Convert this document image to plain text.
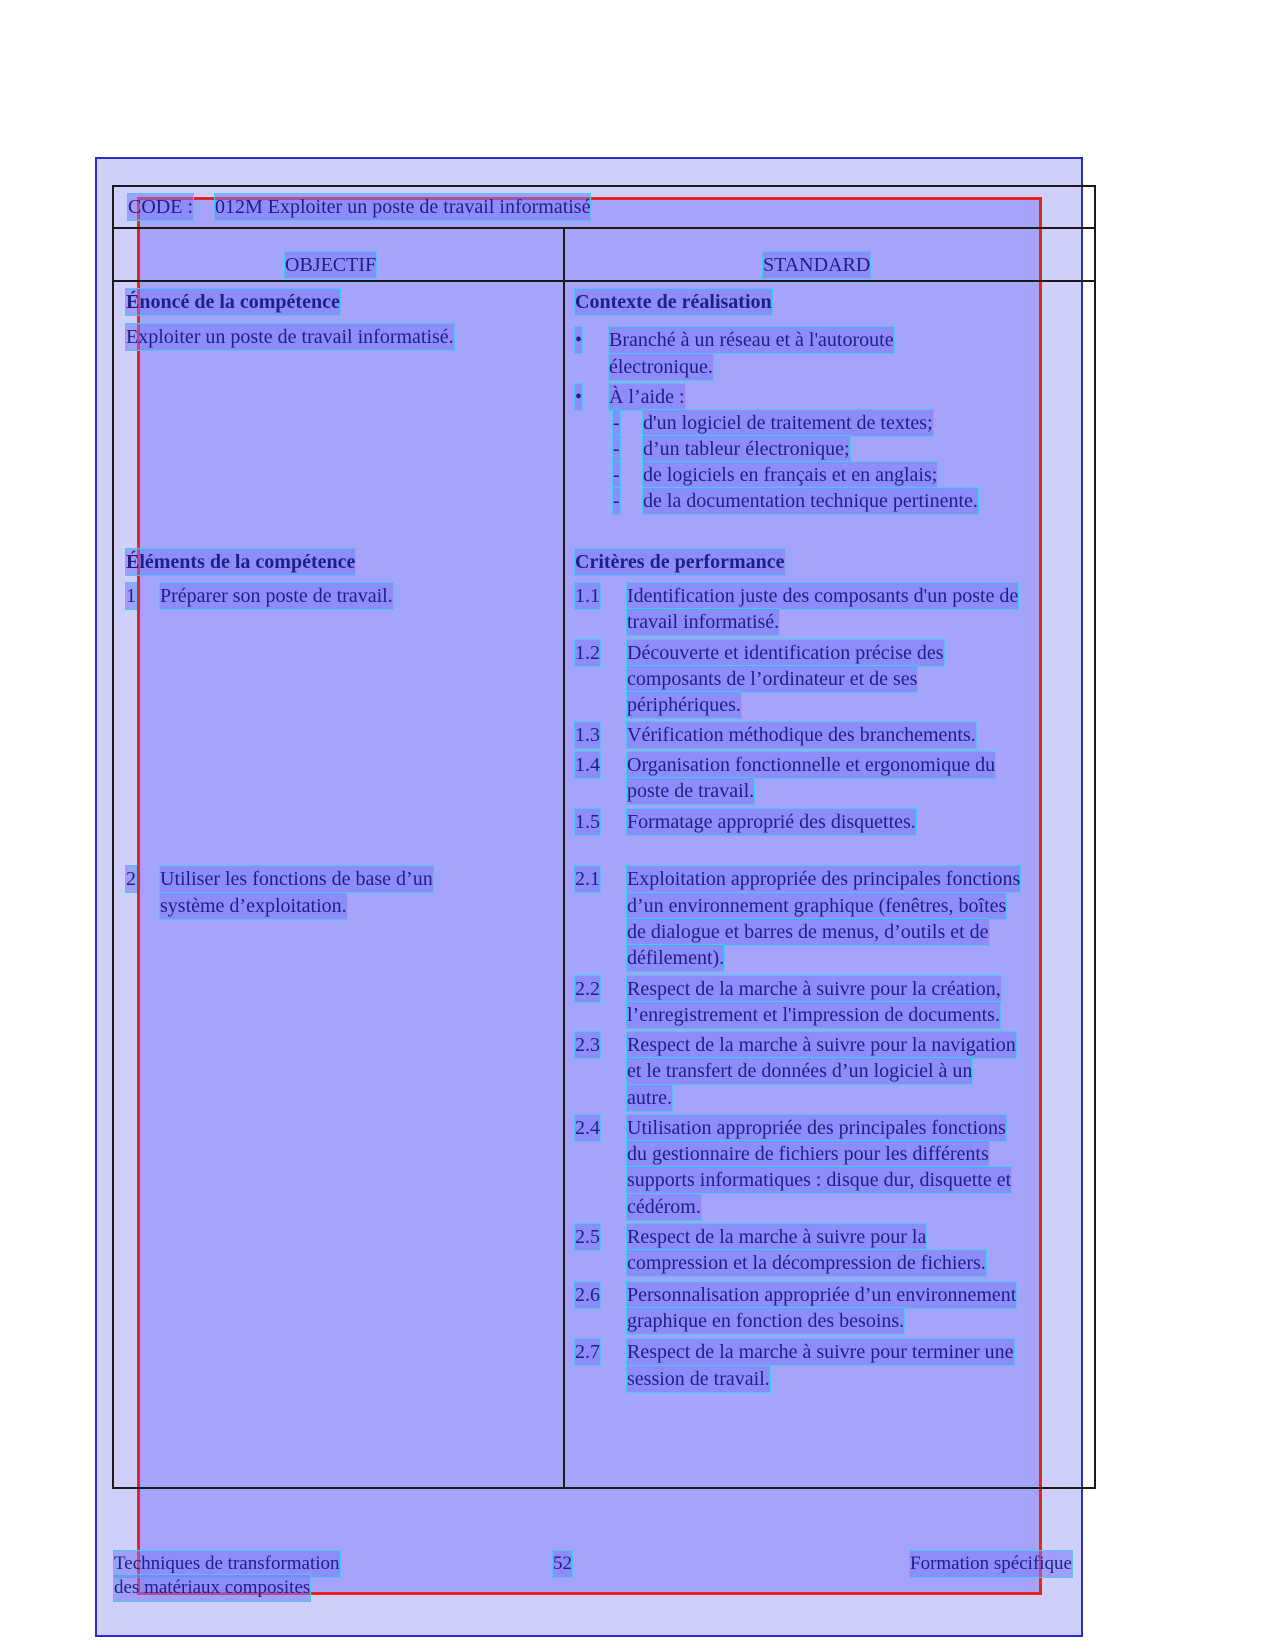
CODE : 012M Exploiter un poste de travail informatisé
OBJECTIF	STANDARD
Énoncé de la compétence
Exploiter un poste de travail informatisé.
Contexte de réalisation
• Branché à un réseau et à l'autoroute
électronique.
• À l’aide :
- d'un logiciel de traitement de textes;
- d’un tableur électronique;
- de logiciels en français et en anglais;
- de la documentation technique pertinente.
Éléments de la compétence
1 Préparer son poste de travail.
2 Utiliser les fonctions de base d’un
système d’exploitation.
Critères de performance
1.1 Identification juste des composants d'un poste de
travail informatisé.
1.2 Découverte et identification précise des
composants de l’ordinateur et de ses
périphériques.
1.3 Vérification méthodique des branchements.
1.4 Organisation fonctionnelle et ergonomique du
poste de travail.
1.5 Formatage approprié des disquettes.
2.1 Exploitation appropriée des principales fonctions
d’un environnement graphique (fenêtres, boîtes
de dialogue et barres de menus, d’outils et de
défilement).
2.2 Respect de la marche à suivre pour la création,
l’enregistrement et l'impression de documents.
2.3 Respect de la marche à suivre pour la navigation
et le transfert de données d’un logiciel à un
autre.
2.4 Utilisation appropriée des principales fonctions
du gestionnaire de fichiers pour les différents
supports informatiques : disque dur, disquette et
cédérom.
2.5 Respect de la marche à suivre pour la
compression et la décompression de fichiers.
2.6 Personnalisation appropriée d’un environnement
graphique en fonction des besoins.
2.7 Respect de la marche à suivre pour terminer une
session de travail.
Techniques de transformation
des matériaux composites
52	Formation spécifique
